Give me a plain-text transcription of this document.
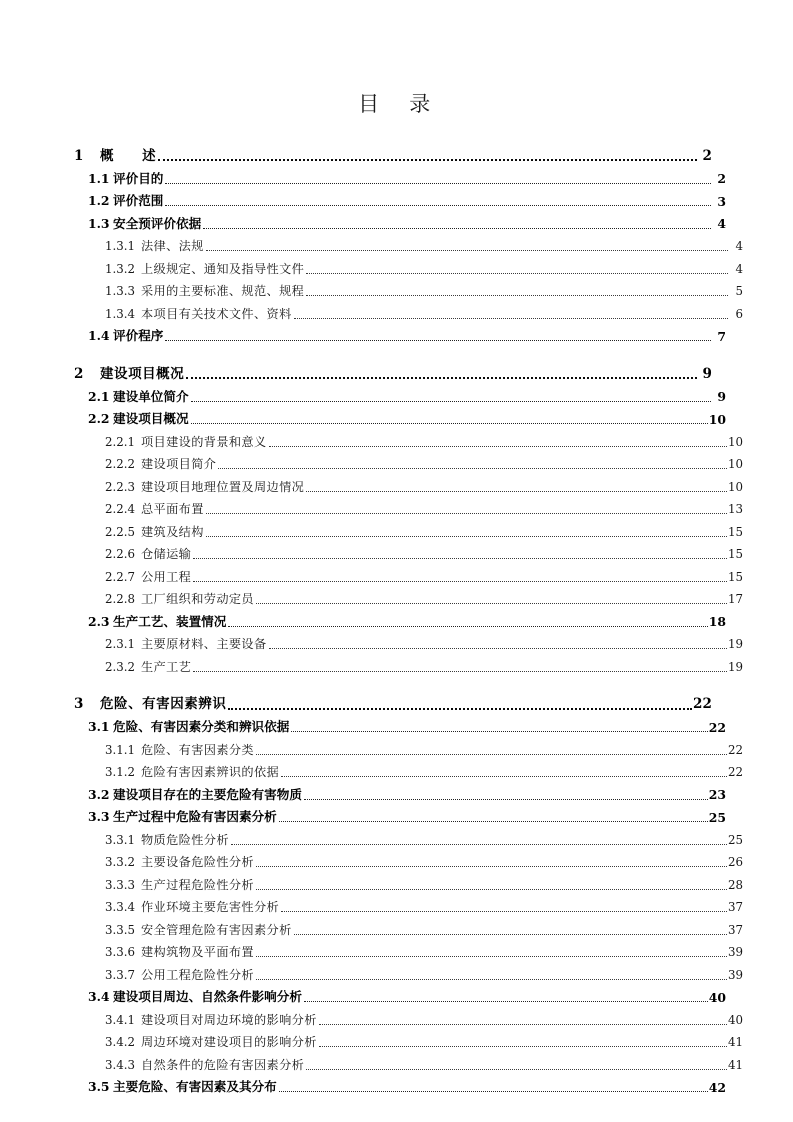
目　录
1	概　　述	2
1.1 评价目的	2
1.2 评价范围	3
1.3 安全预评价依据	4
1.3.1 法律、法规	4
1.3.2 上级规定、通知及指导性文件	4
1.3.3 采用的主要标准、规范、规程	5
1.3.4 本项目有关技术文件、资料	6
1.4 评价程序	7
2	建设项目概况	9
2.1 建设单位简介	9
2.2 建设项目概况	10
2.2.1 项目建设的背景和意义	10
2.2.2 建设项目简介	10
2.2.3 建设项目地理位置及周边情况	10
2.2.4 总平面布置	13
2.2.5 建筑及结构	15
2.2.6 仓储运输	15
2.2.7 公用工程	15
2.2.8 工厂组织和劳动定员	17
2.3 生产工艺、装置情况	18
2.3.1 主要原材料、主要设备	19
2.3.2 生产工艺	19
3	危险、有害因素辨识	22
3.1 危险、有害因素分类和辨识依据	22
3.1.1 危险、有害因素分类	22
3.1.2 危险有害因素辨识的依据	22
3.2 建设项目存在的主要危险有害物质	23
3.3 生产过程中危险有害因素分析	25
3.3.1 物质危险性分析	25
3.3.2 主要设备危险性分析	26
3.3.3 生产过程危险性分析	28
3.3.4 作业环境主要危害性分析	37
3.3.5 安全管理危险有害因素分析	37
3.3.6 建构筑物及平面布置	39
3.3.7 公用工程危险性分析	39
3.4 建设项目周边、自然条件影响分析	40
3.4.1 建设项目对周边环境的影响分析	40
3.4.2 周边环境对建设项目的影响分析	41
3.4.3 自然条件的危险有害因素分析	41
3.5 主要危险、有害因素及其分布	42
